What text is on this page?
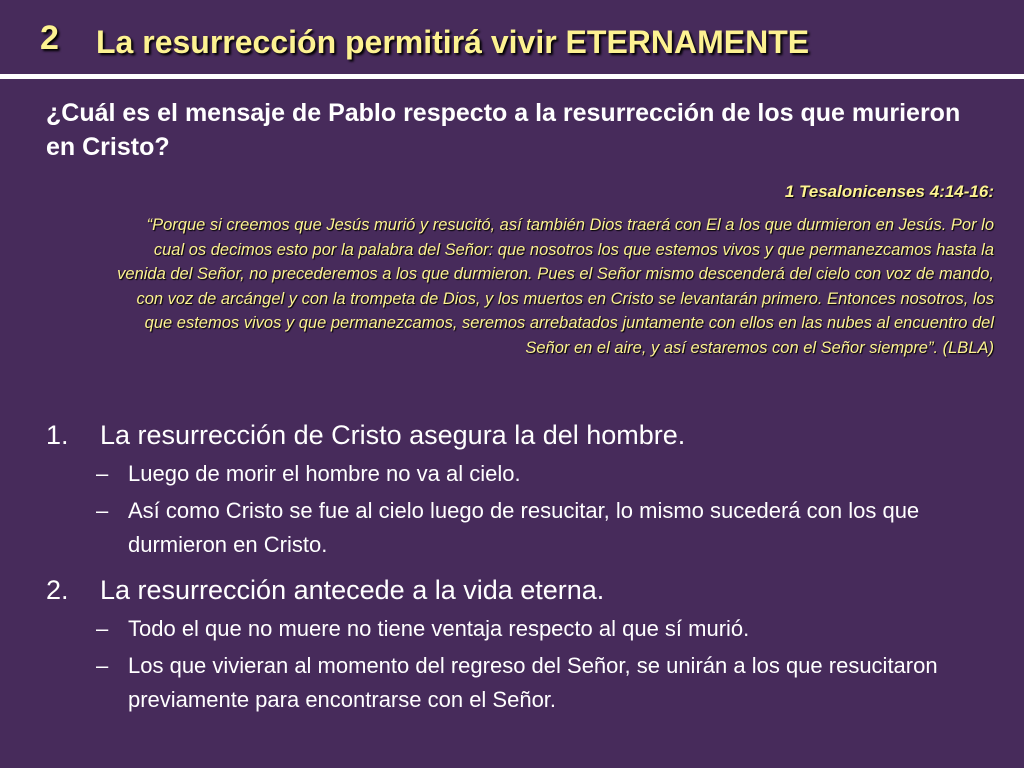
2 La resurrección permitirá vivir ETERNAMENTE
¿Cuál es el mensaje de Pablo respecto a la resurrección de los que murieron en Cristo?
1 Tesalonicenses 4:14-16:
“Porque si creemos que Jesús murió y resucitó, así también Dios traerá con El a los que durmieron en Jesús. Por lo cual os decimos esto por la palabra del Señor: que nosotros los que estemos vivos y que permanezcamos hasta la venida del Señor, no precederemos a los que durmieron. Pues el Señor mismo descenderá del cielo con voz de mando, con voz de arcángel y con la trompeta de Dios, y los muertos en Cristo se levantarán primero. Entonces nosotros, los que estemos vivos y que permanezcamos, seremos arrebatados juntamente con ellos en las nubes al encuentro del Señor en el aire, y así estaremos con el Señor siempre”. (LBLA)
1.	La resurrección de Cristo asegura la del hombre.
– Luego de morir el hombre no va al cielo.
– Así como Cristo se fue al cielo luego de resucitar, lo mismo sucederá con los que durmieron en Cristo.
2.	La resurrección antecede a la vida eterna.
– Todo el que no muere no tiene ventaja respecto al que sí murió.
– Los que vivieran al momento del regreso del Señor, se unirán a los que resucitaron previamente para encontrarse con el Señor.
